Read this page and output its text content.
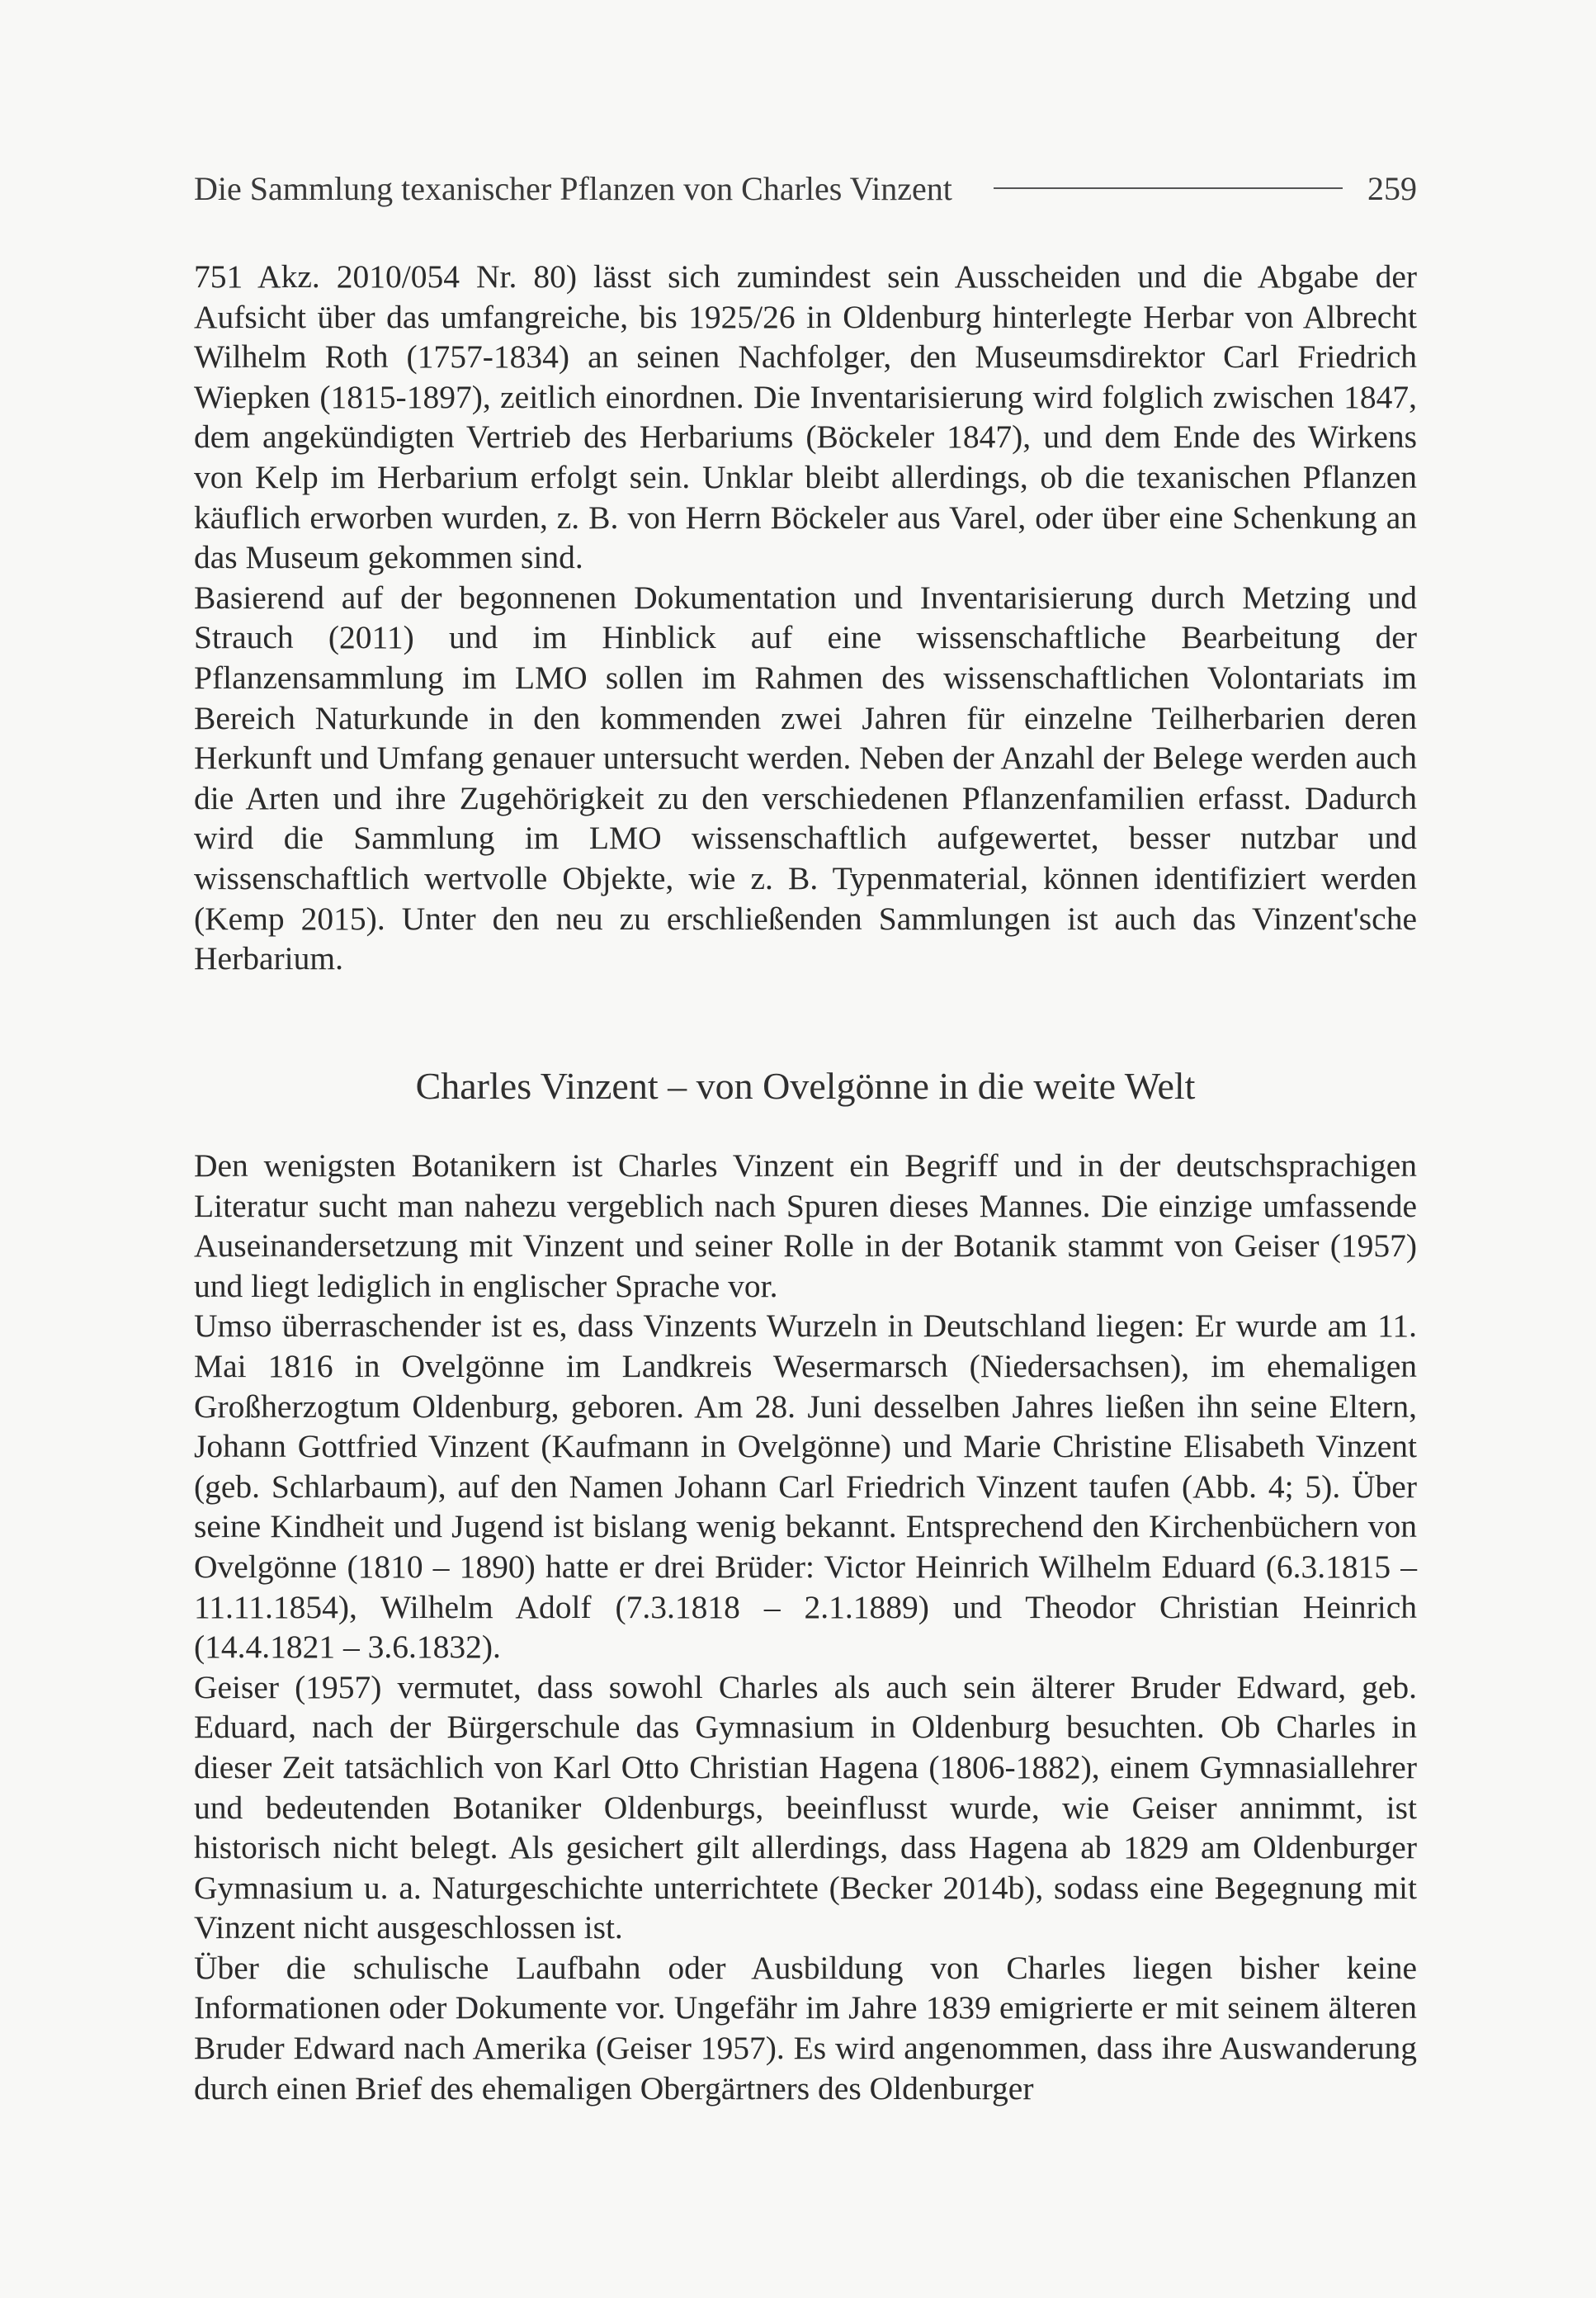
Die Sammlung texanischer Pflanzen von Charles Vinzent	259

751 Akz. 2010/054 Nr. 80) lässt sich zumindest sein Ausscheiden und die Abgabe der Aufsicht über das umfangreiche, bis 1925/26 in Oldenburg hinterlegte Herbar von Albrecht Wilhelm Roth (1757-1834) an seinen Nachfolger, den Museumsdirektor Carl Friedrich Wiepken (1815-1897), zeitlich einordnen. Die Inventarisierung wird folglich zwischen 1847, dem angekündigten Vertrieb des Herbariums (Böckeler 1847), und dem Ende des Wirkens von Kelp im Herbarium erfolgt sein. Unklar bleibt allerdings, ob die texanischen Pflanzen käuflich erworben wurden, z. B. von Herrn Böckeler aus Varel, oder über eine Schenkung an das Museum gekommen sind.

Basierend auf der begonnenen Dokumentation und Inventarisierung durch Metzing und Strauch (2011) und im Hinblick auf eine wissenschaftliche Bearbeitung der Pflanzensammlung im LMO sollen im Rahmen des wissenschaftlichen Volontariats im Bereich Naturkunde in den kommenden zwei Jahren für einzelne Teilherbarien deren Herkunft und Umfang genauer untersucht werden. Neben der Anzahl der Belege werden auch die Arten und ihre Zugehörigkeit zu den verschiedenen Pflanzenfamilien erfasst. Dadurch wird die Sammlung im LMO wissenschaftlich aufgewertet, besser nutzbar und wissenschaftlich wertvolle Objekte, wie z. B. Typenmaterial, können identifiziert werden (Kemp 2015). Unter den neu zu erschließenden Sammlungen ist auch das Vinzent'sche Herbarium.

Charles Vinzent – von Ovelgönne in die weite Welt

Den wenigsten Botanikern ist Charles Vinzent ein Begriff und in der deutschsprachigen Literatur sucht man nahezu vergeblich nach Spuren dieses Mannes. Die einzige umfassende Auseinandersetzung mit Vinzent und seiner Rolle in der Botanik stammt von Geiser (1957) und liegt lediglich in englischer Sprache vor.

Umso überraschender ist es, dass Vinzents Wurzeln in Deutschland liegen: Er wurde am 11. Mai 1816 in Ovelgönne im Landkreis Wesermarsch (Niedersachsen), im ehemaligen Großherzogtum Oldenburg, geboren. Am 28. Juni desselben Jahres ließen ihn seine Eltern, Johann Gottfried Vinzent (Kaufmann in Ovelgönne) und Marie Christine Elisabeth Vinzent (geb. Schlarbaum), auf den Namen Johann Carl Friedrich Vinzent taufen (Abb. 4; 5). Über seine Kindheit und Jugend ist bislang wenig bekannt. Entsprechend den Kirchenbüchern von Ovelgönne (1810 – 1890) hatte er drei Brüder: Victor Heinrich Wilhelm Eduard (6.3.1815 – 11.11.1854), Wilhelm Adolf (7.3.1818 – 2.1.1889) und Theodor Christian Heinrich (14.4.1821 – 3.6.1832).

Geiser (1957) vermutet, dass sowohl Charles als auch sein älterer Bruder Edward, geb. Eduard, nach der Bürgerschule das Gymnasium in Oldenburg besuchten. Ob Charles in dieser Zeit tatsächlich von Karl Otto Christian Hagena (1806-1882), einem Gymnasiallehrer und bedeutenden Botaniker Oldenburgs, beeinflusst wurde, wie Geiser annimmt, ist historisch nicht belegt. Als gesichert gilt allerdings, dass Hagena ab 1829 am Oldenburger Gymnasium u. a. Naturgeschichte unterrichtete (Becker 2014b), sodass eine Begegnung mit Vinzent nicht ausgeschlossen ist.

Über die schulische Laufbahn oder Ausbildung von Charles liegen bisher keine Informationen oder Dokumente vor. Ungefähr im Jahre 1839 emigrierte er mit seinem älteren Bruder Edward nach Amerika (Geiser 1957). Es wird angenommen, dass ihre Auswanderung durch einen Brief des ehemaligen Obergärtners des Oldenburger
